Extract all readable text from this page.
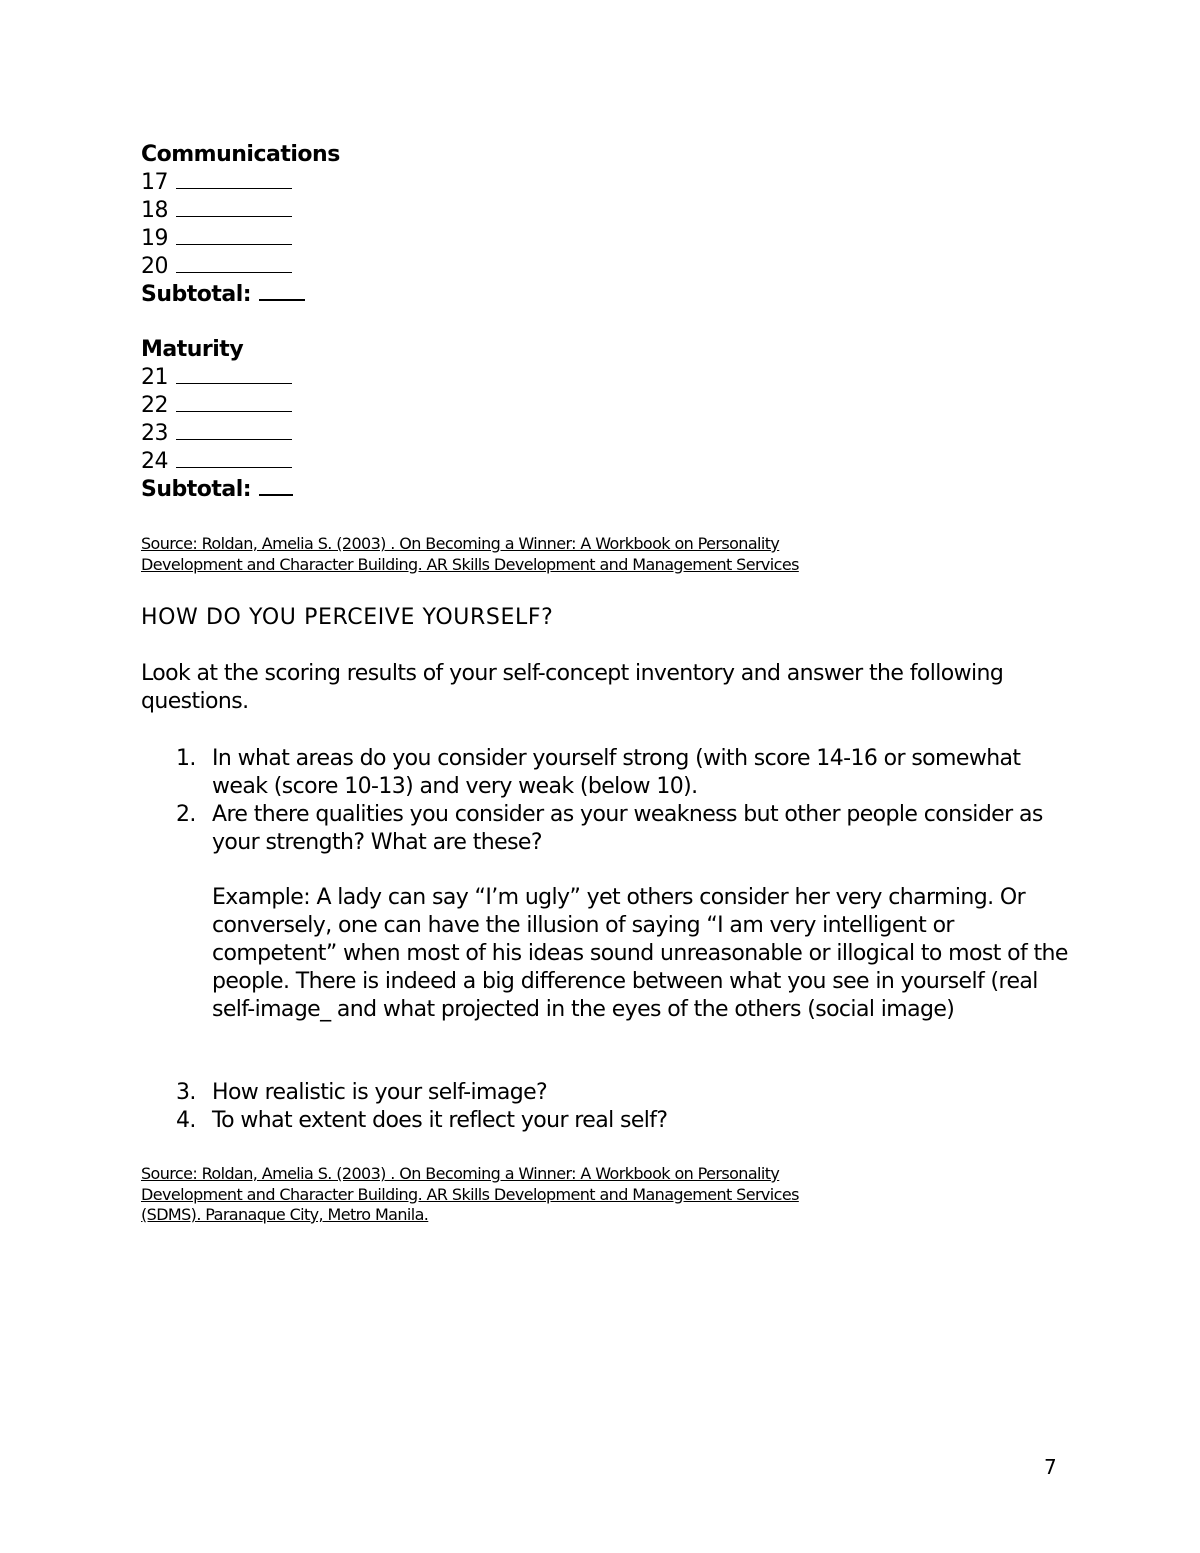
Communications
17
18
19
20
Subtotal:
Maturity
21
22
23
24
Subtotal:
Source: Roldan, Amelia S. (2003) . On Becoming a Winner: A Workbook on Personality
Development and Character Building. AR Skills Development and Management Services
HOW DO YOU PERCEIVE YOURSELF?
Look at the scoring results of your self-concept inventory and answer the following questions.
1. In what areas do you consider yourself strong (with score 14-16 or somewhat weak (score 10-13) and very weak (below 10).
2. Are there qualities you consider as your weakness but other people consider as your strength? What are these?
Example: A lady can say “I’m ugly” yet others consider her very charming. Or conversely, one can have the illusion of saying “I am very intelligent or competent” when most of his ideas sound unreasonable or illogical to most of the people. There is indeed a big difference between what you see in yourself (real self-image_ and what projected in the eyes of the others (social image)
3. How realistic is your self-image?
4. To what extent does it reflect your real self?
Source: Roldan, Amelia S. (2003) . On Becoming a Winner: A Workbook on Personality
Development and Character Building. AR Skills Development and Management Services
(SDMS). Paranaque City, Metro Manila.
7
